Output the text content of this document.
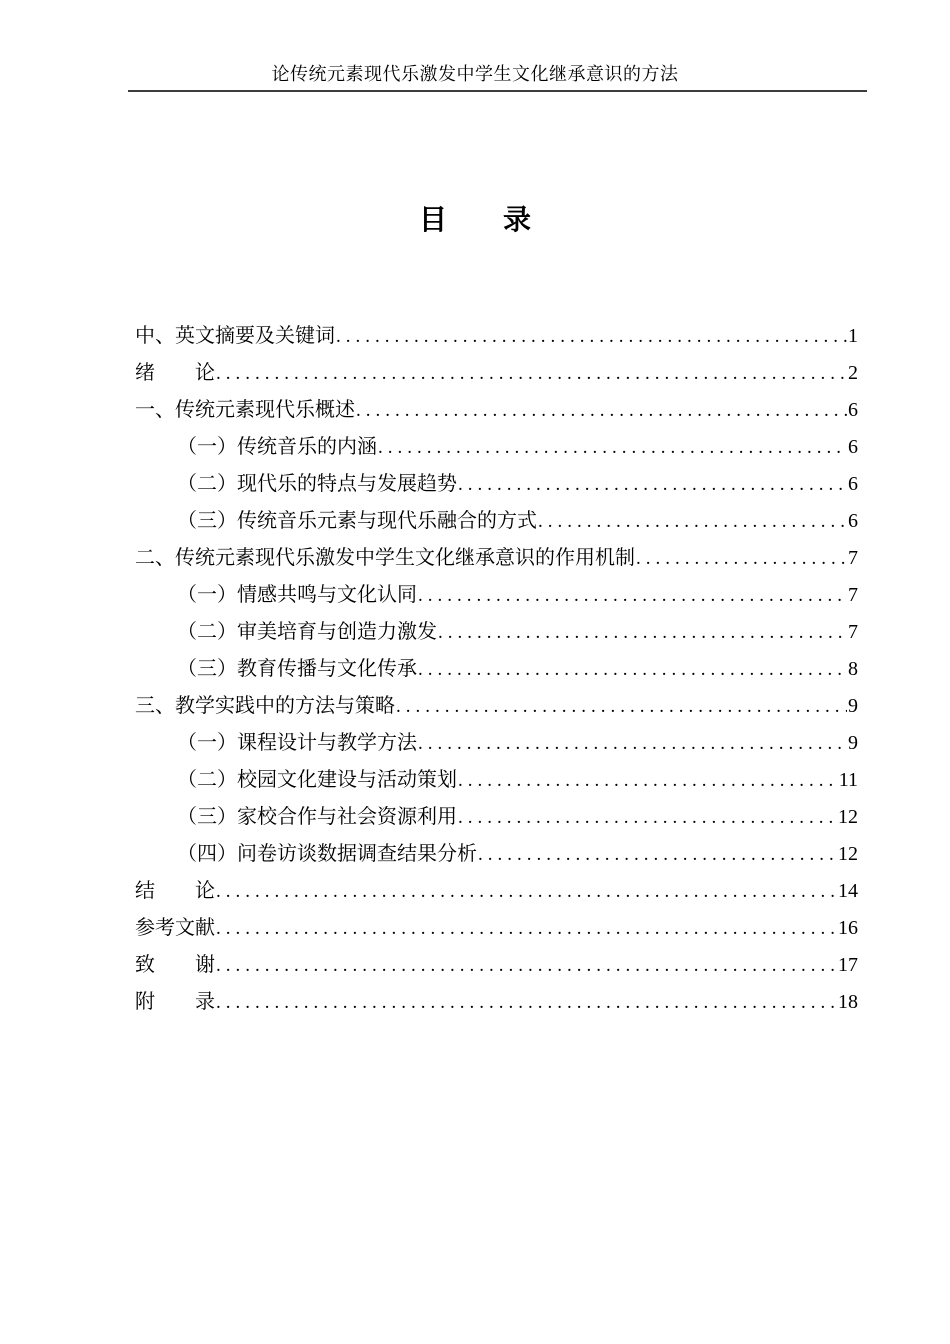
论传统元素现代乐激发中学生文化继承意识的方法
目　　录
中、英文摘要及关键词 .....	1
绪　　论 .....	2
一、传统元素现代乐概述 .....	6
（一）传统音乐的内涵 .....	6
（二）现代乐的特点与发展趋势 .....	6
（三）传统音乐元素与现代乐融合的方式 .....	6
二、传统元素现代乐激发中学生文化继承意识的作用机制 .....	7
（一）情感共鸣与文化认同 .....	7
（二）审美培育与创造力激发 .....	7
（三）教育传播与文化传承 .....	8
三、教学实践中的方法与策略 .....	9
（一）课程设计与教学方法 .....	9
（二）校园文化建设与活动策划 .....	11
（三）家校合作与社会资源利用 .....	12
（四）问卷访谈数据调查结果分析 .....	12
结　　论 .....	14
参考文献 .....	16
致　　谢 .....	17
附　　录 .....	18
